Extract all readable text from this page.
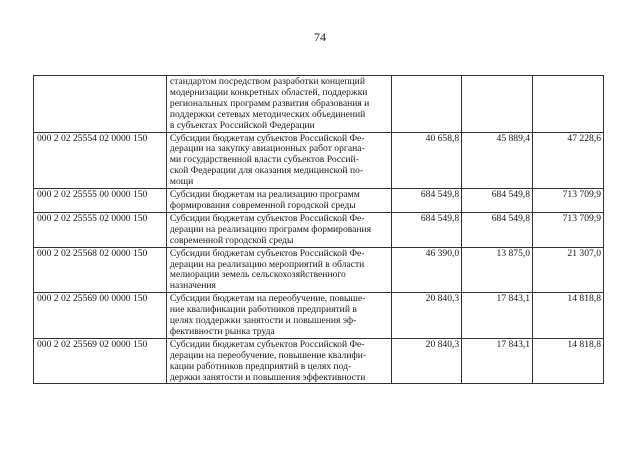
74

	стандартом посредством разработки концепций
модернизации конкретных областей, поддержки
региональных программ развития образования и
поддержки сетевых методических объединений
в субъектах Российской Федерации			

000 2 02 25554 02 0000 150	Субсидии бюджетам субъектов Российской Фе-
дерации на закупку авиационных работ органа-
ми государственной власти субъектов Россий-
ской Федерации для оказания медицинской по-
мощи	40 658,8	45 889,4	47 228,6
000 2 02 25555 00 0000 150	Субсидии бюджетам на реализацию программ
формирования современной городской среды	684 549,8	684 549,8	713 709,9
000 2 02 25555 02 0000 150	Субсидии бюджетам субъектов Российской Фе-
дерации на реализацию программ формирования
современной городской среды	684 549,8	684 549,8	713 709,9
000 2 02 25568 02 0000 150	Субсидии бюджетам субъектов Российской Фе-
дерации на реализацию мероприятий в области
мелиорации земель сельскохозяйственного
назначения	46 390,0	13 875,0	21 307,0
000 2 02 25569 00 0000 150	Субсидии бюджетам на переобучение, повыше-
ние квалификации работников предприятий в
целях поддержки занятости и повышения эф-
фективности рынка труда	20 840,3	17 843,1	14 818,8
000 2 02 25569 02 0000 150	Субсидии бюджетам субъектов Российской Фе-
дерации на переобучение, повышение квалифи-
кации работников предприятий в целях под-
держки занятости и повышения эффективности	20 840,3	17 843,1	14 818,8
